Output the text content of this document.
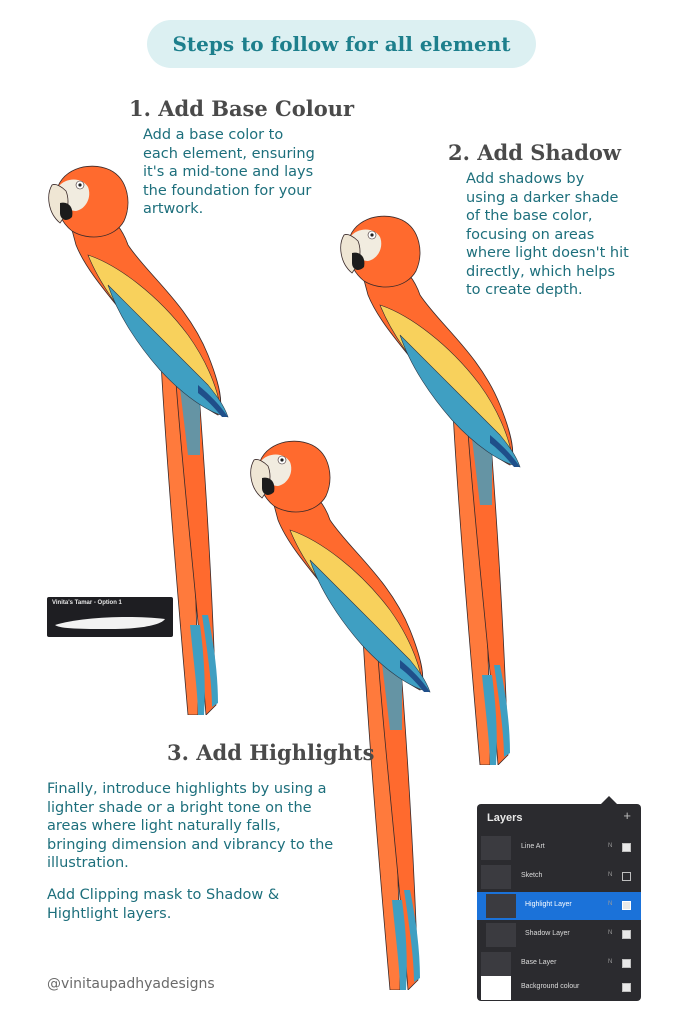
Steps to follow for all element
1. Add Base Colour
Add a base color to
each element, ensuring
it's a mid-tone and lays
the foundation for your
artwork.
2. Add Shadow
Add shadows by
using a darker shade
of the base color,
focusing on areas
where light doesn't hit
directly, which helps
to create depth.
Vinita's Tamar - Option 1
3. Add Highlights
Finally, introduce highlights by using a
lighter shade or a bright tone on the
areas where light naturally falls,
bringing dimension and vibrancy to the
illustration.
Add Clipping mask to Shadow &
Hightlight layers.
Layers	+
Line Art	N
Sketch	N
Highlight Layer	N
Shadow Layer	N
Base Layer	N
Background colour
@vinitaupadhyadesigns
